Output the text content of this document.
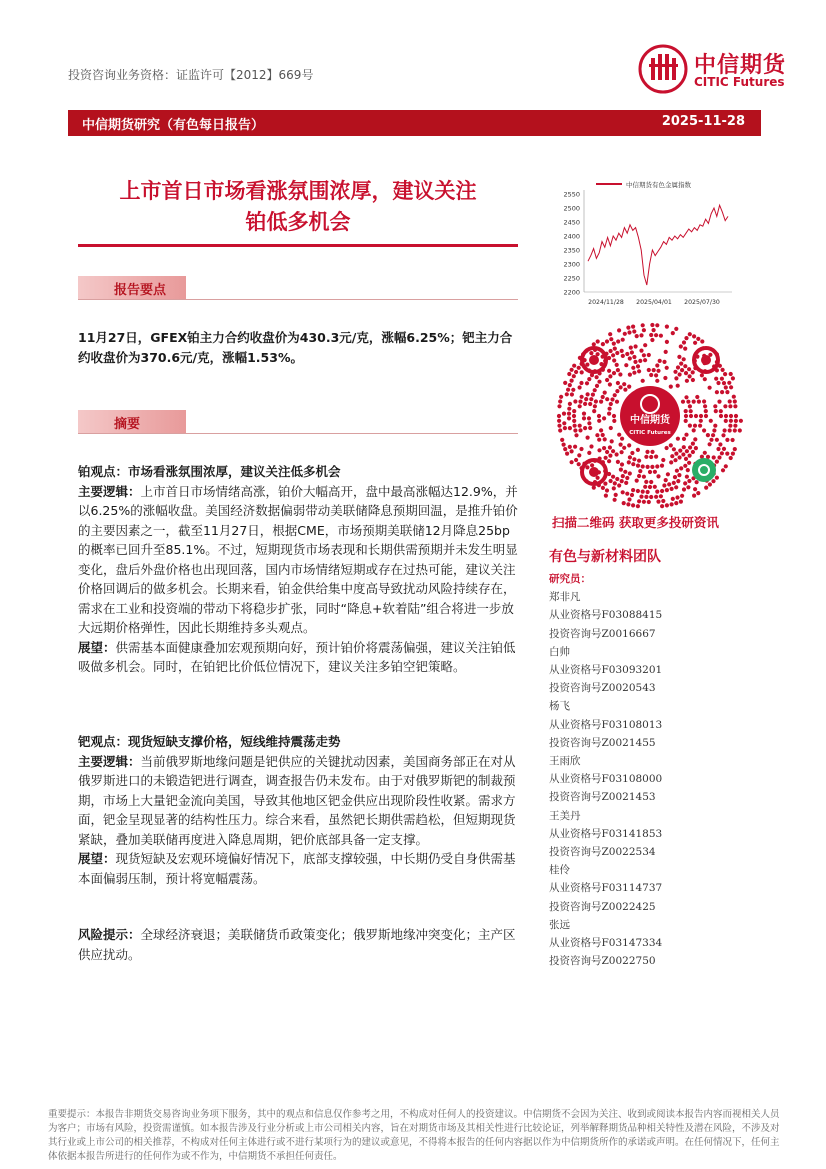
投资咨询业务资格：证监许可【2012】669号	中信期货
CITIC Futures
中信期货研究（有色每日报告）	2025-11-28
上市首日市场看涨氛围浓厚，建议关注
铂低多机会
报告要点
11月27日，GFEX铂主力合约收盘价为430.3元/克，涨幅6.25%；钯主力合约收盘价为370.6元/克，涨幅1.53%。
摘要
铂观点：市场看涨氛围浓厚，建议关注低多机会
主要逻辑：上市首日市场情绪高涨，铂价大幅高开，盘中最高涨幅达12.9%，并以6.25%的涨幅收盘。美国经济数据偏弱带动美联储降息预期回温，是推升铂价的主要因素之一，截至11月27日，根据CME，市场预期美联储12月降息25bp的概率已回升至85.1%。不过，短期现货市场表现和长期供需预期并未发生明显变化，盘后外盘价格也出现回落，国内市场情绪短期或存在过热可能，建议关注价格回调后的做多机会。长期来看，铂金供给集中度高导致扰动风险持续存在，需求在工业和投资端的带动下将稳步扩张，同时“降息+软着陆”组合将进一步放大远期价格弹性，因此长期维持多头观点。
展望：供需基本面健康叠加宏观预期向好，预计铂价将震荡偏强，建议关注铂低吸做多机会。同时，在铂钯比价低位情况下，建议关注多铂空钯策略。
钯观点：现货短缺支撑价格，短线维持震荡走势
主要逻辑：当前俄罗斯地缘问题是钯供应的关键扰动因素，美国商务部正在对从俄罗斯进口的未锻造钯进行调查，调查报告仍未发布。由于对俄罗斯钯的制裁预期，市场上大量钯金流向美国，导致其他地区钯金供应出现阶段性收紧。需求方面，钯金呈现显著的结构性压力。综合来看，虽然钯长期供需趋松，但短期现货紧缺，叠加美联储再度进入降息周期，钯价底部具备一定支撑。
展望：现货短缺及宏观环境偏好情况下，底部支撑较强，中长期仍受自身供需基本面偏弱压制，预计将宽幅震荡。
风险提示：全球经济衰退；美联储货币政策变化；俄罗斯地缘冲突变化；主产区供应扰动。
中信期货有色金属指数
2200
2250
2300
2350
2400
2450
2500
2550
2024/11/28 2025/04/01 2025/07/30
中信期货
CITIC Futures
扫描二维码 获取更多投研资讯
有色与新材料团队
研究员：
郑非凡
从业资格号F03088415
投资咨询号Z0016667
白帅
从业资格号F03093201
投资咨询号Z0020543
杨飞
从业资格号F03108013
投资咨询号Z0021455
王雨欣
从业资格号F03108000
投资咨询号Z0021453
王美丹
从业资格号F03141853
投资咨询号Z0022534
桂伶
从业资格号F03114737
投资咨询号Z0022425
张远
从业资格号F03147334
投资咨询号Z0022750
重要提示：本报告非期货交易咨询业务项下服务，其中的观点和信息仅作参考之用，不构成对任何人的投资建议。中信期货不会因为关注、收到或阅读本报告内容而视相关人员为客户；市场有风险，投资需谨慎。如本报告涉及行业分析或上市公司相关内容，旨在对期货市场及其相关性进行比较论证，列举解释期货品种相关特性及潜在风险，不涉及对其行业或上市公司的相关推荐，不构成对任何主体进行或不进行某项行为的建议或意见，不得将本报告的任何内容据以作为中信期货所作的承诺或声明。在任何情况下，任何主体依据本报告所进行的任何作为或不作为，中信期货不承担任何责任。
